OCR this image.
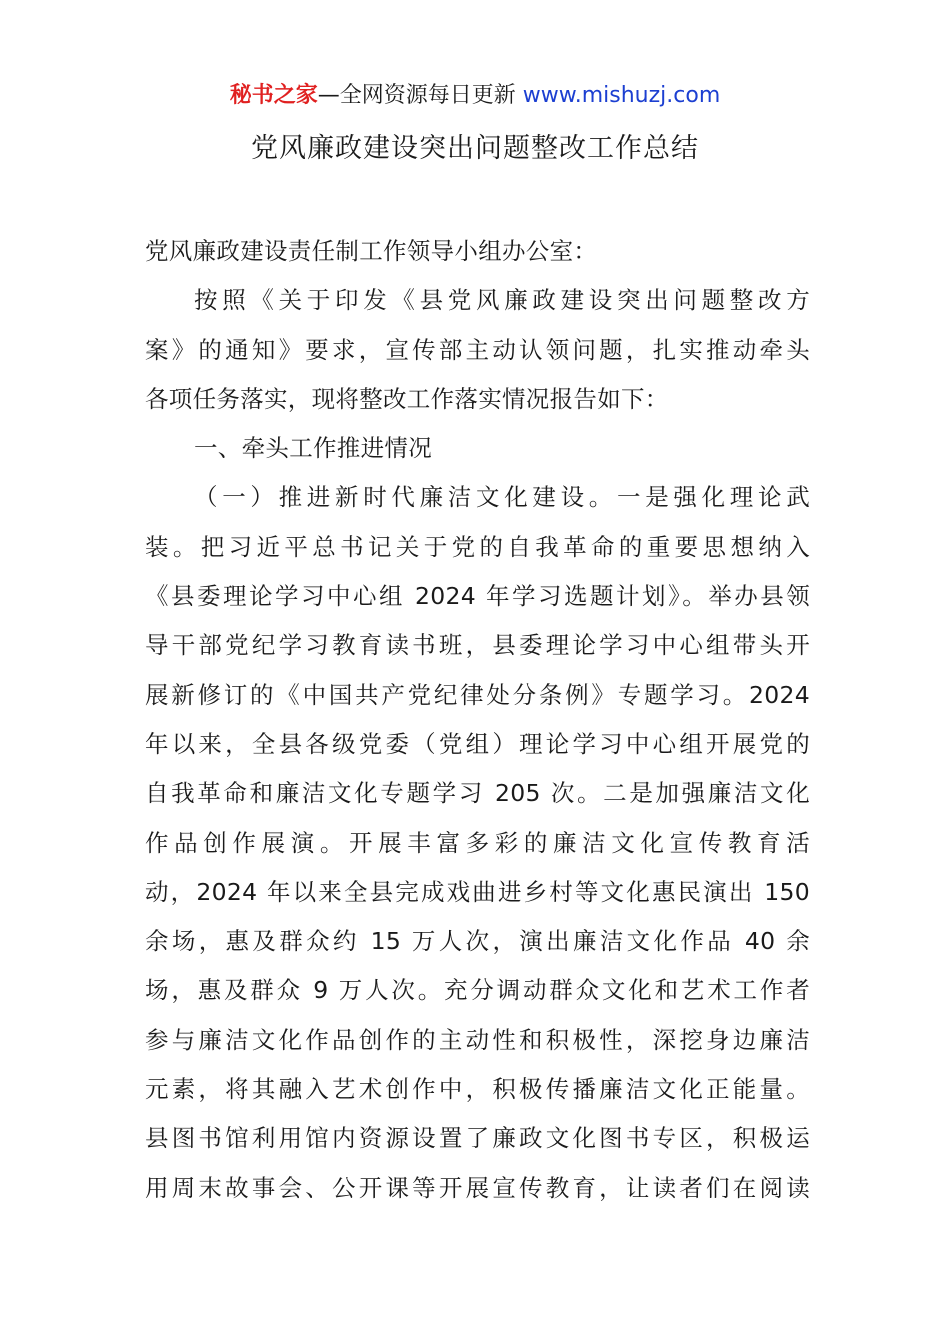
秘书之家—全网资源每日更新 www.mishuzj.com
党风廉政建设突出问题整改工作总结
党风廉政建设责任制工作领导小组办公室：
按照《关于印发《县党风廉政建设突出问题整改方
案》的通知》要求，宣传部主动认领问题，扎实推动牵头
各项任务落实，现将整改工作落实情况报告如下：
一、牵头工作推进情况
（一）推进新时代廉洁文化建设。一是强化理论武
装。把习近平总书记关于党的自我革命的重要思想纳入
《县委理论学习中心组 2024 年学习选题计划》。举办县领
导干部党纪学习教育读书班，县委理论学习中心组带头开
展新修订的《中国共产党纪律处分条例》专题学习。2024
年以来，全县各级党委（党组）理论学习中心组开展党的
自我革命和廉洁文化专题学习 205 次。二是加强廉洁文化
作品创作展演。开展丰富多彩的廉洁文化宣传教育活
动，2024 年以来全县完成戏曲进乡村等文化惠民演出 150
余场，惠及群众约 15 万人次，演出廉洁文化作品 40 余
场，惠及群众 9 万人次。充分调动群众文化和艺术工作者
参与廉洁文化作品创作的主动性和积极性，深挖身边廉洁
元素，将其融入艺术创作中，积极传播廉洁文化正能量。
县图书馆利用馆内资源设置了廉政文化图书专区，积极运
用周末故事会、公开课等开展宣传教育，让读者们在阅读
